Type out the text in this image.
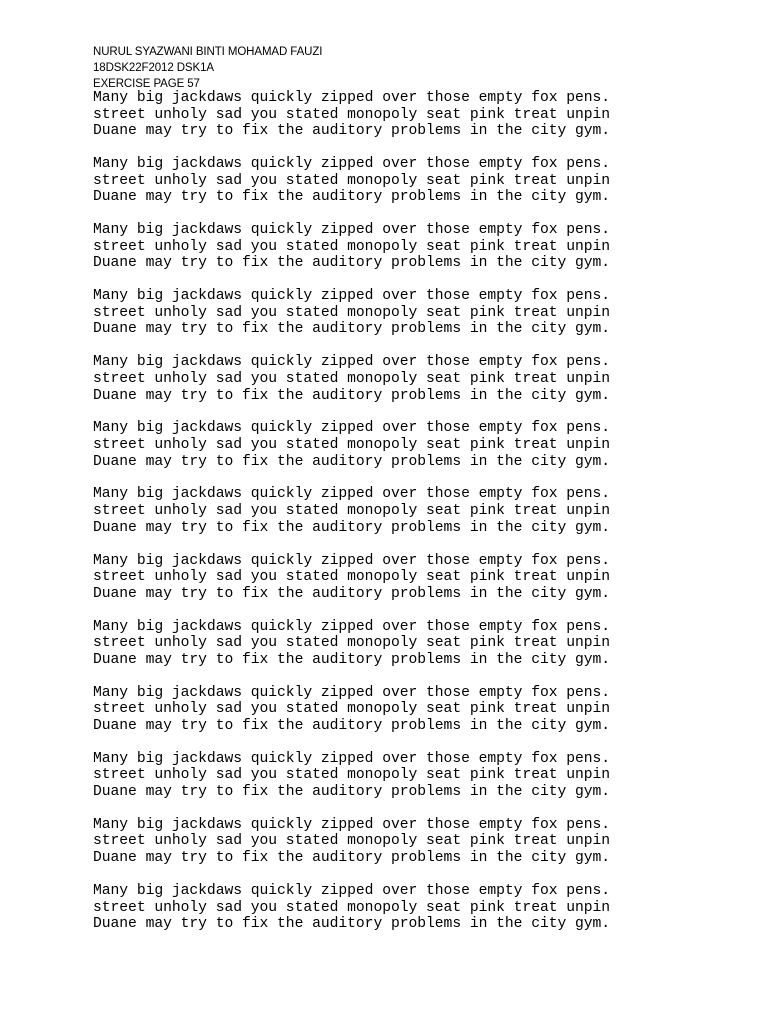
NURUL SYAZWANI BINTI MOHAMAD FAUZI
18DSK22F2012 DSK1A
EXERCISE PAGE 57
Many big jackdaws quickly zipped over those empty fox pens.
street unholy sad you stated monopoly seat pink treat unpin
Duane may try to fix the auditory problems in the city gym.
Many big jackdaws quickly zipped over those empty fox pens.
street unholy sad you stated monopoly seat pink treat unpin
Duane may try to fix the auditory problems in the city gym.
Many big jackdaws quickly zipped over those empty fox pens.
street unholy sad you stated monopoly seat pink treat unpin
Duane may try to fix the auditory problems in the city gym.
Many big jackdaws quickly zipped over those empty fox pens.
street unholy sad you stated monopoly seat pink treat unpin
Duane may try to fix the auditory problems in the city gym.
Many big jackdaws quickly zipped over those empty fox pens.
street unholy sad you stated monopoly seat pink treat unpin
Duane may try to fix the auditory problems in the city gym.
Many big jackdaws quickly zipped over those empty fox pens.
street unholy sad you stated monopoly seat pink treat unpin
Duane may try to fix the auditory problems in the city gym.
Many big jackdaws quickly zipped over those empty fox pens.
street unholy sad you stated monopoly seat pink treat unpin
Duane may try to fix the auditory problems in the city gym.
Many big jackdaws quickly zipped over those empty fox pens.
street unholy sad you stated monopoly seat pink treat unpin
Duane may try to fix the auditory problems in the city gym.
Many big jackdaws quickly zipped over those empty fox pens.
street unholy sad you stated monopoly seat pink treat unpin
Duane may try to fix the auditory problems in the city gym.
Many big jackdaws quickly zipped over those empty fox pens.
street unholy sad you stated monopoly seat pink treat unpin
Duane may try to fix the auditory problems in the city gym.
Many big jackdaws quickly zipped over those empty fox pens.
street unholy sad you stated monopoly seat pink treat unpin
Duane may try to fix the auditory problems in the city gym.
Many big jackdaws quickly zipped over those empty fox pens.
street unholy sad you stated monopoly seat pink treat unpin
Duane may try to fix the auditory problems in the city gym.
Many big jackdaws quickly zipped over those empty fox pens.
street unholy sad you stated monopoly seat pink treat unpin
Duane may try to fix the auditory problems in the city gym.
